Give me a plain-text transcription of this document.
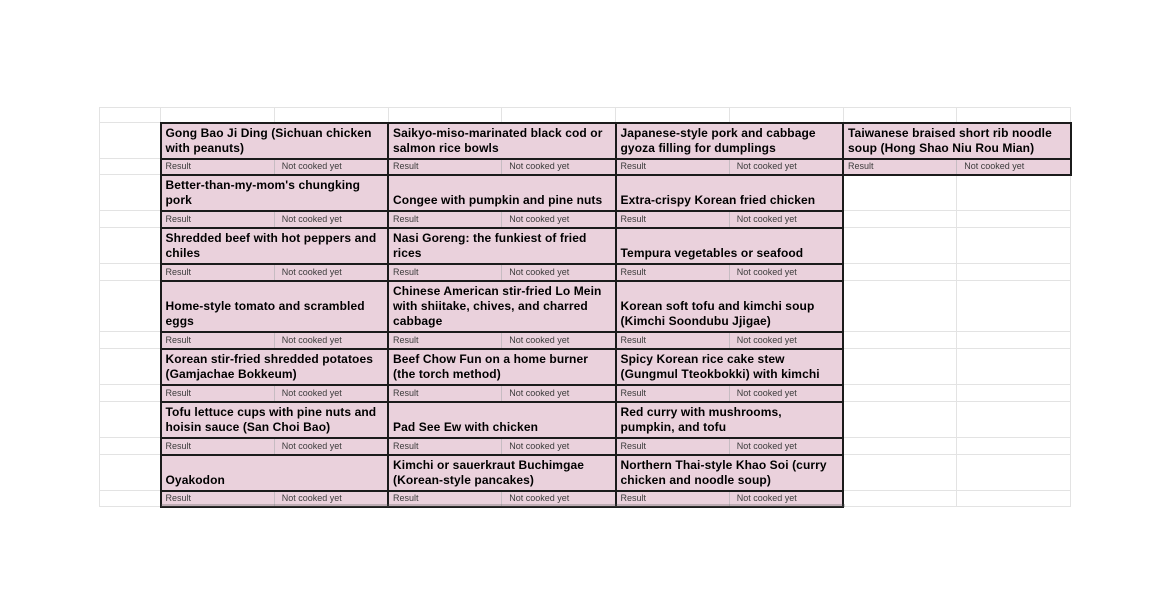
	Gong Bao Ji Ding (Sichuan chicken with peanuts)		Saikyo-miso-marinated black cod or salmon rice bowls		Japanese-style pork and cabbage gyoza filling for dumplings		Taiwanese braised short rib noodle soup (Hong Shao Niu Rou Mian)	
	Result	Not cooked yet	Result	Not cooked yet	Result	Not cooked yet	Result	Not cooked yet
	Better-than-my-mom's chungking pork		Congee with pumpkin and pine nuts		Extra-crispy Korean fried chicken			
	Result	Not cooked yet	Result	Not cooked yet	Result	Not cooked yet		
	Shredded beef with hot peppers and chiles		Nasi Goreng: the funkiest of fried rices		Tempura vegetables or seafood			
	Result	Not cooked yet	Result	Not cooked yet	Result	Not cooked yet		
	Home-style tomato and scrambled eggs		Chinese American stir-fried Lo Mein with shiitake, chives, and charred cabbage		Korean soft tofu and kimchi soup (Kimchi Soondubu Jjigae)			
	Result	Not cooked yet	Result	Not cooked yet	Result	Not cooked yet		
	Korean stir-fried shredded potatoes (Gamjachae Bokkeum)		Beef Chow Fun on a home burner (the torch method)		Spicy Korean rice cake stew (Gungmul Tteokbokki) with kimchi			
	Result	Not cooked yet	Result	Not cooked yet	Result	Not cooked yet		
	Tofu lettuce cups with pine nuts and hoisin sauce (San Choi Bao)		Pad See Ew with chicken		Red curry with mushrooms, pumpkin, and tofu			
	Result	Not cooked yet	Result	Not cooked yet	Result	Not cooked yet		
	Oyakodon		Kimchi or sauerkraut Buchimgae (Korean-style pancakes)		Northern Thai-style Khao Soi (curry chicken and noodle soup)			
	Result	Not cooked yet	Result	Not cooked yet	Result	Not cooked yet		
